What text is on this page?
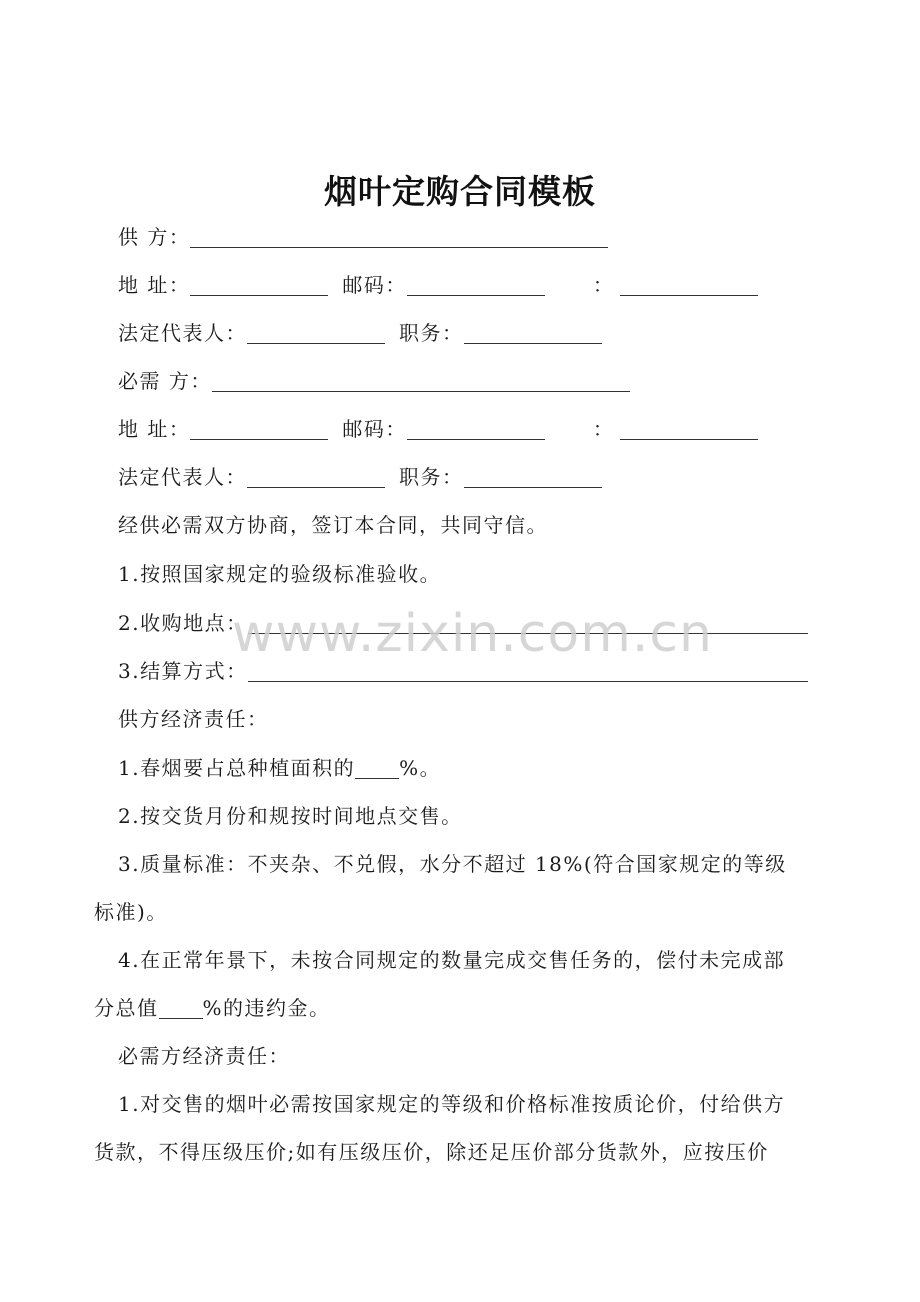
烟叶定购合同模板
供 方：
地 址：	邮码：	：
法定代表人：	职务：
必需 方：
地 址：	邮码：	：
法定代表人：	职务：
经供必需双方协商，签订本合同，共同守信。
1.按照国家规定的验级标准验收。
2.收购地点：
3.结算方式：
供方经济责任：
1.春烟要占总种植面积的 %。
2.按交货月份和规按时间地点交售。
3.质量标准：不夹杂、不兑假，水分不超过 18%(符合国家规定的等级
标准)。
4.在正常年景下，未按合同规定的数量完成交售任务的，偿付未完成部
分总值 %的违约金。
必需方经济责任：
1.对交售的烟叶必需按国家规定的等级和价格标准按质论价，付给供方
货款，不得压级压价;如有压级压价，除还足压价部分货款外，应按压价
www.zixin.com.cn
